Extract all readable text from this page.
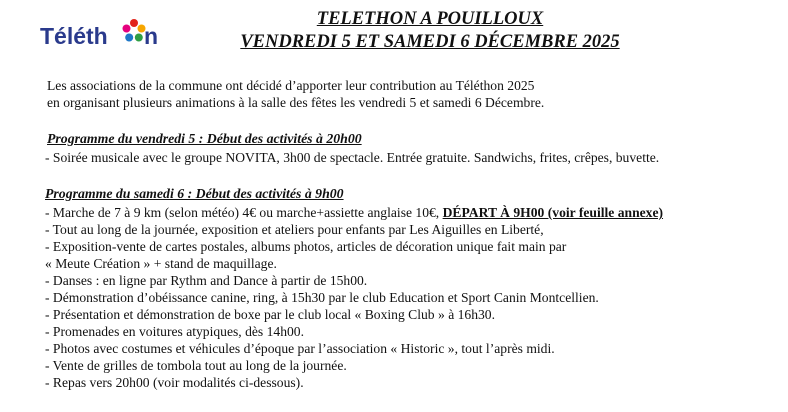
Téléth n
TELETHON A POUILLOUX
VENDREDI 5 ET SAMEDI 6 DÉCEMBRE 2025

Les associations de la commune ont décidé d’apporter leur contribution au Téléthon 2025

en organisant plusieurs animations à la salle des fêtes les vendredi 5 et samedi 6 Décembre.

Programme du vendredi 5 : Début des activités à 20h00

- Soirée musicale avec le groupe NOVITA, 3h00 de spectacle. Entrée gratuite. Sandwichs, frites, crêpes, buvette.

Programme du samedi 6 : Début des activités à 9h00

- Marche de 7 à 9 km (selon météo) 4€ ou marche+assiette anglaise 10€, DÉPART À 9H00 (voir feuille annexe)

- Tout au long de la journée, exposition et ateliers pour enfants par Les Aiguilles en Liberté,

- Exposition-vente de cartes postales, albums photos, articles de décoration unique fait main par

« Meute Création » + stand de maquillage.

- Danses : en ligne par Rythm and Dance à partir de 15h00.

- Démonstration d’obéissance canine, ring, à 15h30 par le club Education et Sport Canin Montcellien.

- Présentation et démonstration de boxe par le club local « Boxing Club » à 16h30.

- Promenades en voitures atypiques, dès 14h00.

- Photos avec costumes et véhicules d’époque par l’association « Historic », tout l’après midi.

- Vente de grilles de tombola tout au long de la journée.

- Repas vers 20h00 (voir modalités ci-dessous).
